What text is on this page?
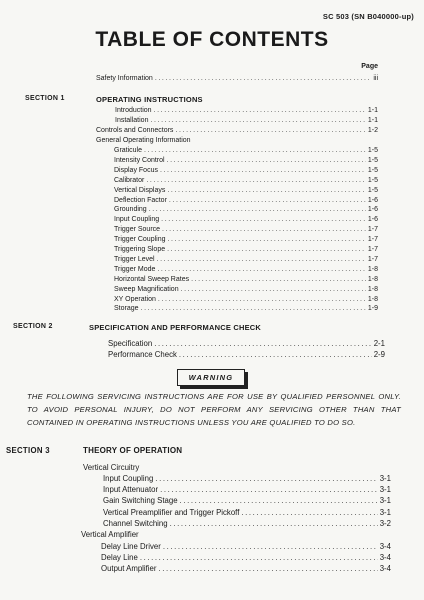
SC 503 (SN B040000-up)
TABLE OF CONTENTS
Page
Safety Information .....	iii
SECTION 1	OPERATING INSTRUCTIONS
Introduction .....	1-1
Installation .....	1-1
Controls and Connectors .....	1-2
General Operating Information
Graticule .....	1-5
Intensity Control .....	1-5
Display Focus .....	1-5
Calibrator .....	1-5
Vertical Displays .....	1-5
Deflection Factor .....	1-6
Grounding .....	1-6
Input Coupling .....	1-6
Trigger Source .....	1-7
Trigger Coupling .....	1-7
Triggering Slope .....	1-7
Trigger Level .....	1-7
Trigger Mode .....	1-8
Horizontal Sweep Rates .....	1-8
Sweep Magnification .....	1-8
XY Operation .....	1-8
Storage .....	1-9
SECTION 2	SPECIFICATION AND PERFORMANCE CHECK
Specification .....	2-1
Performance Check .....	2-9
WARNING
THE FOLLOWING SERVICING INSTRUCTIONS ARE FOR USE BY QUALIFIED PERSONNEL ONLY. TO AVOID PERSONAL INJURY, DO NOT PERFORM ANY SERVICING OTHER THAN THAT CONTAINED IN OPERATING INSTRUCTIONS UNLESS YOU ARE QUALIFIED TO DO SO.
SECTION 3	THEORY OF OPERATION
Vertical Circuitry
Input Coupling .....	3-1
Input Attenuator .....	3-1
Gain Switching Stage .....	3-1
Vertical Preamplifier and Trigger Pickoff .....	3-1
Channel Switching .....	3-2
Vertical Amplifier
Delay Line Driver .....	3-4
Delay Line .....	3-4
Output Amplifier .....	3-4
